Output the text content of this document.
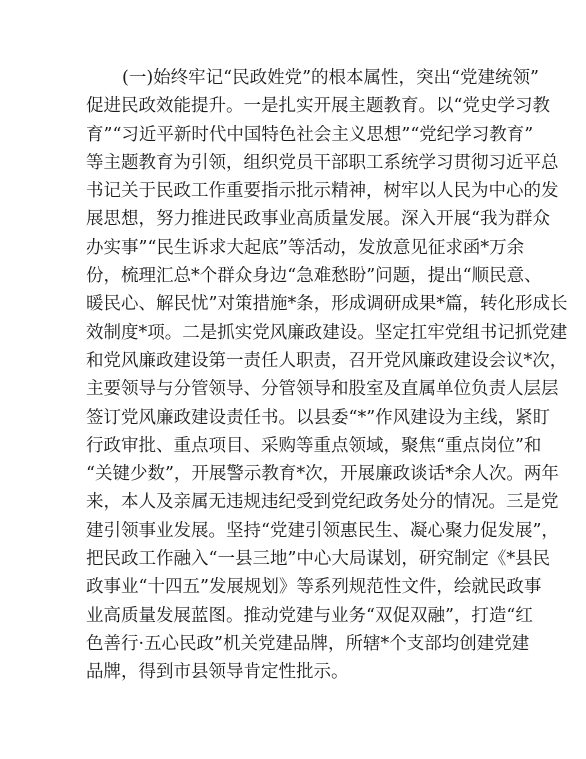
(一)始终牢记“民政姓党”的根本属性，突出“党建统领”
促进民政效能提升。一是扎实开展主题教育。以“党史学习教
育”“习近平新时代中国特色社会主义思想”“党纪学习教育”
等主题教育为引领，组织党员干部职工系统学习贯彻习近平总
书记关于民政工作重要指示批示精神，树牢以人民为中心的发
展思想，努力推进民政事业高质量发展。深入开展“我为群众
办实事”“民生诉求大起底”等活动，发放意见征求函*万余
份，梳理汇总*个群众身边“急难愁盼”问题，提出“顺民意、
暖民心、解民忧”对策措施*条，形成调研成果*篇，转化形成长
效制度*项。二是抓实党风廉政建设。坚定扛牢党组书记抓党建
和党风廉政建设第一责任人职责，召开党风廉政建设会议*次，
主要领导与分管领导、分管领导和股室及直属单位负责人层层
签订党风廉政建设责任书。以县委“*”作风建设为主线，紧盯
行政审批、重点项目、采购等重点领域，聚焦“重点岗位”和
“关键少数”，开展警示教育*次，开展廉政谈话*余人次。两年
来，本人及亲属无违规违纪受到党纪政务处分的情况。三是党
建引领事业发展。坚持“党建引领惠民生、凝心聚力促发展”，
把民政工作融入“一县三地”中心大局谋划，研究制定《*县民
政事业“十四五”发展规划》等系列规范性文件，绘就民政事
业高质量发展蓝图。推动党建与业务“双促双融”，打造“红
色善行·五心民政”机关党建品牌，所辖*个支部均创建党建
品牌，得到市县领导肯定性批示。
